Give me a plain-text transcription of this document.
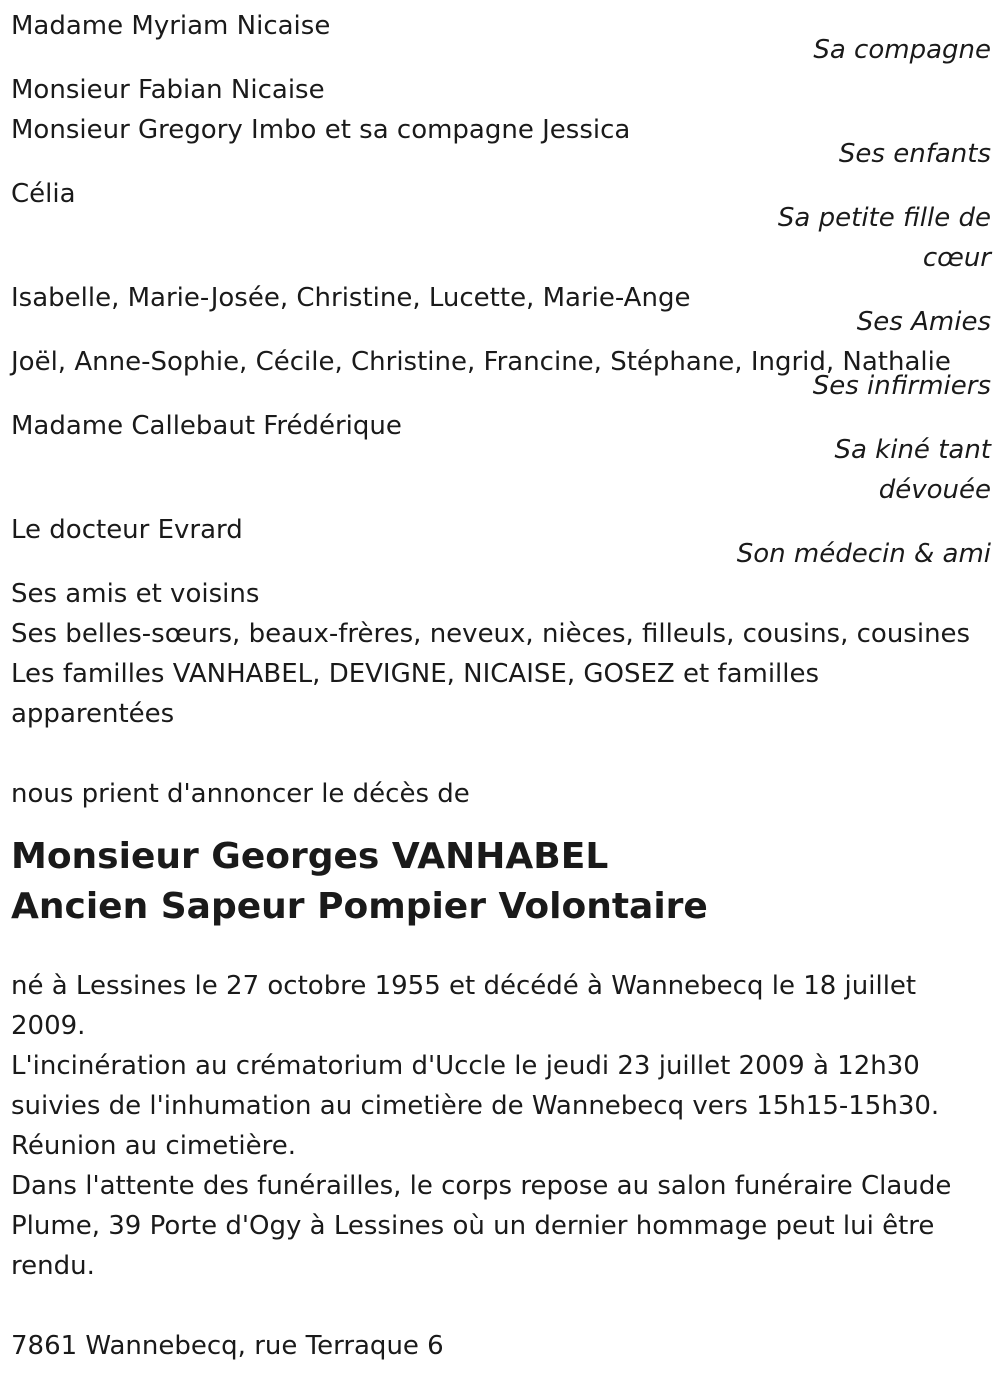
Madame Myriam Nicaise
Sa compagne
Monsieur Fabian Nicaise
Monsieur Gregory Imbo et sa compagne Jessica
Ses enfants
Célia
Sa petite fille de
cœur
Isabelle, Marie-Josée, Christine, Lucette, Marie-Ange
Ses Amies
Joël, Anne-Sophie, Cécile, Christine, Francine, Stéphane, Ingrid, Nathalie
Ses infirmiers
Madame Callebaut Frédérique
Sa kiné tant
dévouée
Le docteur Evrard
Son médecin & ami
Ses amis et voisins
Ses belles-sœurs, beaux-frères, neveux, nièces, filleuls, cousins, cousines
Les familles VANHABEL, DEVIGNE, NICAISE, GOSEZ et familles
apparentées
nous prient d'annoncer le décès de
Monsieur Georges VANHABEL
Ancien Sapeur Pompier Volontaire
né à Lessines le 27 octobre 1955 et décédé à Wannebecq le 18 juillet
2009.
L'incinération au crématorium d'Uccle le jeudi 23 juillet 2009 à 12h30
suivies de l'inhumation au cimetière de Wannebecq vers 15h15-15h30.
Réunion au cimetière.
Dans l'attente des funérailles, le corps repose au salon funéraire Claude
Plume, 39 Porte d'Ogy à Lessines où un dernier hommage peut lui être
rendu.
7861 Wannebecq, rue Terraque 6
